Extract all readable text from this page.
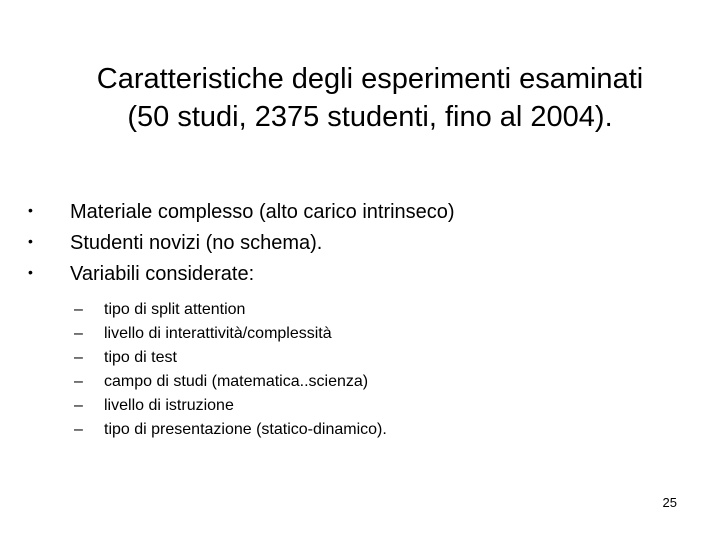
Caratteristiche degli esperimenti esaminati
(50 studi, 2375 studenti, fino al 2004).
• Materiale complesso (alto carico intrinseco)
• Studenti novizi (no schema).
• Variabili considerate:
– tipo di split attention
– livello di interattività/complessità
– tipo di test
– campo di studi (matematica..scienza)
– livello di istruzione
– tipo di presentazione (statico-dinamico).
25
